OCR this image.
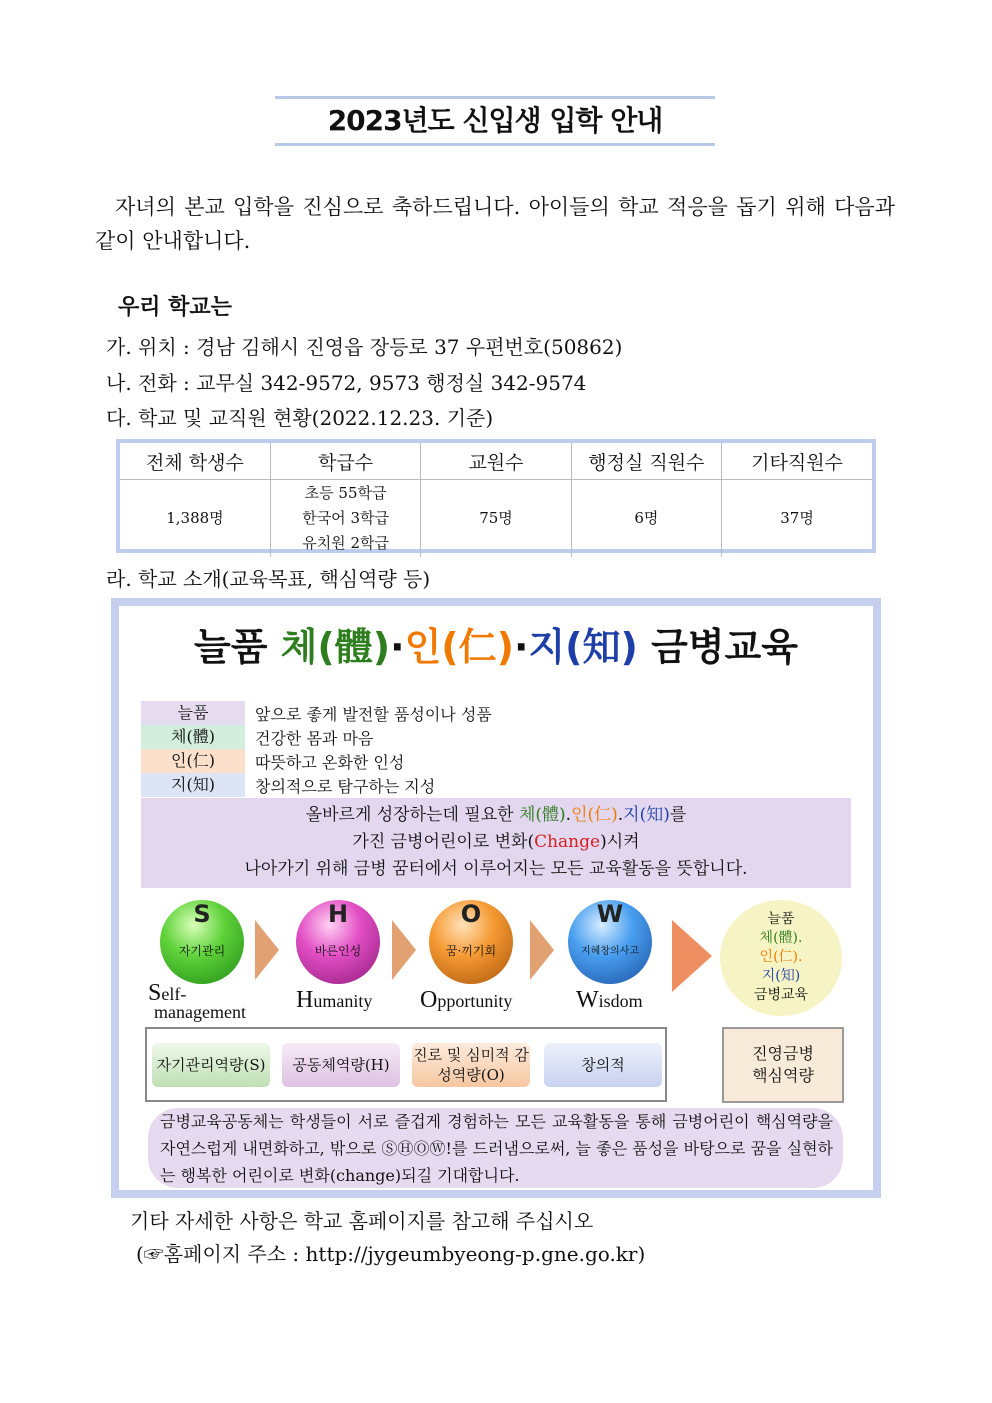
2023년도 신입생 입학 안내
자녀의 본교 입학을 진심으로 축하드립니다. 아이들의 학교 적응을 돕기 위해 다음과 같이 안내합니다.
우리 학교는
가. 위치 : 경남 김해시 진영읍 장등로 37 우편번호(50862)
나. 전화 : 교무실 342-9572, 9573 행정실 342-9574
다. 학교 및 교직원 현황(2022.12.23. 기준)
전체 학생수	학급수	교원수	행정실 직원수	기타직원수
1,388명	초등 55학급
한국어 3학급
유치원 2학급	75명	6명	37명
라. 학교 소개(교육목표, 핵심역량 등)
늘품 체(體)·인(仁)·지(知) 금병교육
늘품	앞으로 좋게 발전할 품성이나 성품
체(體)	건강한 몸과 마음
인(仁)	따뜻하고 온화한 인성
지(知)	창의적으로 탐구하는 지성
올바르게 성장하는데 필요한 체(體).인(仁).지(知)를
가진 금병어린이로 변화(Change)시켜
나아가기 위해 금병 꿈터에서 이루어지는 모든 교육활동을 뜻합니다.
S
자기관리
Self-
management
H
바른인성
Humanity
O
꿈·끼기회
Opportunity
W
지혜창의사고
Wisdom
늘품
체(體).
인(仁).
지(知)
금병교육
자기관리역량(S)	공동체역량(H)
진로 및 심미적 감성역량(O)
창의적
진영금병
핵심역량
금병교육공동체는 학생들이 서로 즐겁게 경험하는 모든 교육활동을 통해 금병어린이 핵심역량을 자연스럽게 내면화하고, 밖으로 ⓈⒽⓄⓌ!를 드러냄으로써, 늘 좋은 품성을 바탕으로 꿈을 실현하는 행복한 어린이로 변화(change)되길 기대합니다.
기타 자세한 사항은 학교 홈페이지를 참고해 주십시오
(☞홈페이지 주소 : http://jygeumbyeong-p.gne.go.kr)
